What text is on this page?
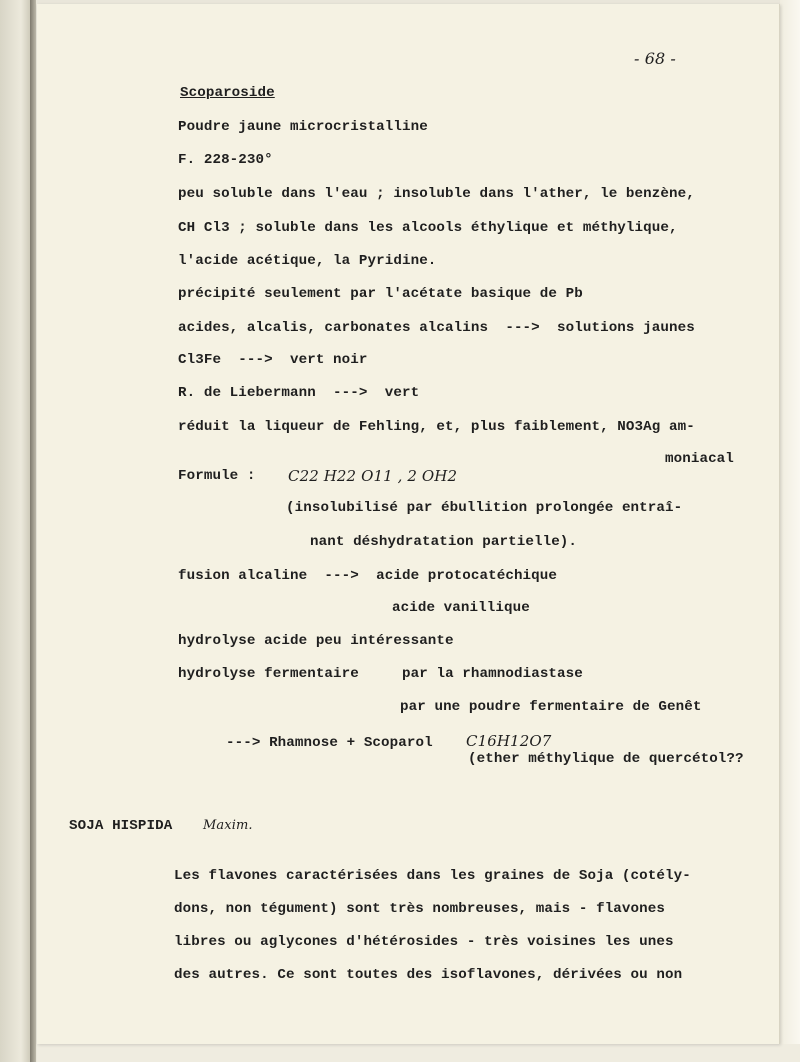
- 68 -
Scoparoside
Poudre jaune microcristalline
F. 228-230°
peu soluble dans l'eau ; insoluble dans l'ather, le benzène,
CH Cl3 ; soluble dans les alcools éthylique et méthylique,
l'acide acétique, la Pyridine.
précipité seulement par l'acétate basique de Pb
acides, alcalis, carbonates alcalins  --->  solutions jaunes
Cl3Fe  --->  vert noir
R. de Liebermann  --->  vert
réduit la liqueur de Fehling, et, plus faiblement, NO3Ag am-
moniacal
Formule : C22 H22 O11 , 2 OH2
(insolubilisé par ébullition prolongée entraî-
nant déshydratation partielle).
fusion alcaline  --->  acide protocatéchique
acide vanillique
hydrolyse acide peu intéressante
hydrolyse fermentaire	par la rhamnodiastase
par une poudre fermentaire de Genêt
---> Rhamnose + Scoparol C16H12O7
(ether méthylique de quercétol??
SOJA HISPIDA Maxim.
Les flavones caractérisées dans les graines de Soja (cotély-
dons, non tégument) sont très nombreuses, mais - flavones
libres ou aglycones d'hétérosides - très voisines les unes
des autres. Ce sont toutes des isoflavones, dérivées ou non
